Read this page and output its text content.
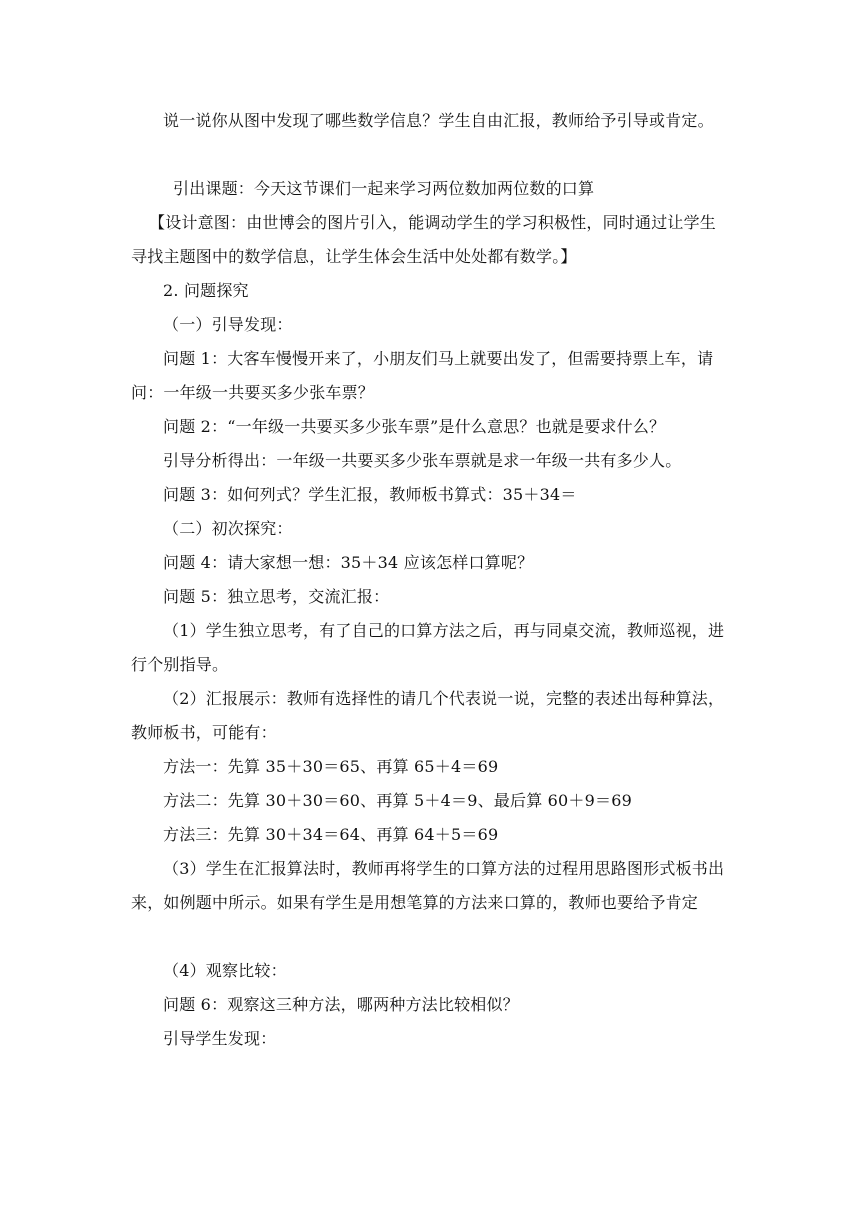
说一说你从图中发现了哪些数学信息？学生自由汇报，教师给予引导或肯定。

引出课题：今天这节课们一起来学习两位数加两位数的口算

【设计意图：由世博会的图片引入，能调动学生的学习积极性，同时通过让学生寻找主题图中的数学信息，让学生体会生活中处处都有数学。】

2. 问题探究

（一）引导发现：

问题 1：大客车慢慢开来了，小朋友们马上就要出发了，但需要持票上车，请问：一年级一共要买多少张车票？

问题 2：“一年级一共要买多少张车票”是什么意思？也就是要求什么？

引导分析得出：一年级一共要买多少张车票就是求一年级一共有多少人。

问题 3：如何列式？学生汇报，教师板书算式：35＋34＝

（二）初次探究：

问题 4：请大家想一想：35＋34 应该怎样口算呢？

问题 5：独立思考，交流汇报：

（1）学生独立思考，有了自己的口算方法之后，再与同桌交流，教师巡视，进行个别指导。

（2）汇报展示：教师有选择性的请几个代表说一说，完整的表述出每种算法，教师板书，可能有：

方法一：先算 35＋30＝65、再算 65＋4＝69

方法二：先算 30＋30＝60、再算 5＋4＝9、最后算 60＋9＝69

方法三：先算 30＋34＝64、再算 64＋5＝69

（3）学生在汇报算法时，教师再将学生的口算方法的过程用思路图形式板书出来，如例题中所示。如果有学生是用想笔算的方法来口算的，教师也要给予肯定

（4）观察比较：

问题 6：观察这三种方法，哪两种方法比较相似？

引导学生发现：
